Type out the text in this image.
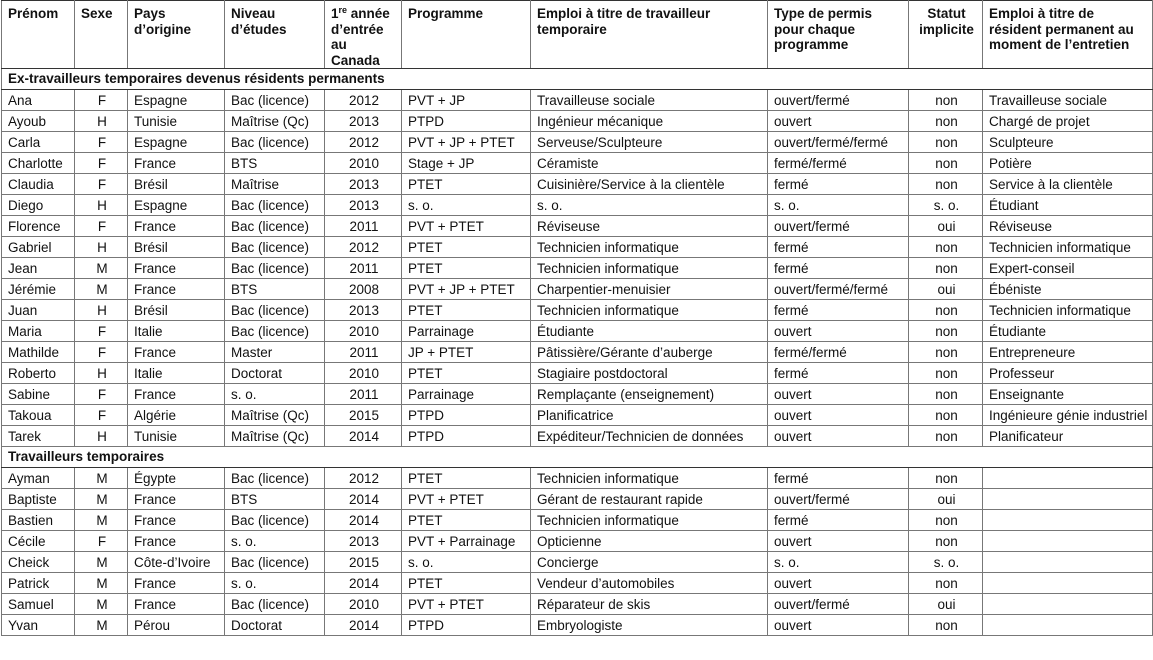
Prénom	Sexe	Pays d’origine	Niveau d’études	1re année d’entrée au Canada	Programme	Emploi à titre de travailleur temporaire	Type de permis pour chaque programme	Statut implicite	Emploi à titre de résident permanent au moment de l’entretien
Ex-travailleurs temporaires devenus résidents permanents									
Ana	F	Espagne	Bac (licence)	2012	PVT + JP	Travailleuse sociale	ouvert/fermé	non	Travailleuse sociale
Ayoub	H	Tunisie	Maîtrise (Qc)	2013	PTPD	Ingénieur mécanique	ouvert	non	Chargé de projet
Carla	F	Espagne	Bac (licence)	2012	PVT + JP + PTET	Serveuse/Sculpteure	ouvert/fermé/fermé	non	Sculpteure
Charlotte	F	France	BTS	2010	Stage + JP	Céramiste	fermé/fermé	non	Potière
Claudia	F	Brésil	Maîtrise	2013	PTET	Cuisinière/Service à la clientèle	fermé	non	Service à la clientèle
Diego	H	Espagne	Bac (licence)	2013	s. o.	s. o.	s. o.	s. o.	Étudiant
Florence	F	France	Bac (licence)	2011	PVT + PTET	Réviseuse	ouvert/fermé	oui	Réviseuse
Gabriel	H	Brésil	Bac (licence)	2012	PTET	Technicien informatique	fermé	non	Technicien informatique
Jean	M	France	Bac (licence)	2011	PTET	Technicien informatique	fermé	non	Expert-conseil
Jérémie	M	France	BTS	2008	PVT + JP + PTET	Charpentier-menuisier	ouvert/fermé/fermé	oui	Ébéniste
Juan	H	Brésil	Bac (licence)	2013	PTET	Technicien informatique	fermé	non	Technicien informatique
Maria	F	Italie	Bac (licence)	2010	Parrainage	Étudiante	ouvert	non	Étudiante
Mathilde	F	France	Master	2011	JP + PTET	Pâtissière/Gérante d’auberge	fermé/fermé	non	Entrepreneure
Roberto	H	Italie	Doctorat	2010	PTET	Stagiaire postdoctoral	fermé	non	Professeur
Sabine	F	France	s. o.	2011	Parrainage	Remplaçante (enseignement)	ouvert	non	Enseignante
Takoua	F	Algérie	Maîtrise (Qc)	2015	PTPD	Planificatrice	ouvert	non	Ingénieure génie industriel
Tarek	H	Tunisie	Maîtrise (Qc)	2014	PTPD	Expéditeur/Technicien de données	ouvert	non	Planificateur
Travailleurs temporaires									
Ayman	M	Égypte	Bac (licence)	2012	PTET	Technicien informatique	fermé	non	
Baptiste	M	France	BTS	2014	PVT + PTET	Gérant de restaurant rapide	ouvert/fermé	oui	
Bastien	M	France	Bac (licence)	2014	PTET	Technicien informatique	fermé	non	
Cécile	F	France	s. o.	2013	PVT + Parrainage	Opticienne	ouvert	non	
Cheick	M	Côte-d’Ivoire	Bac (licence)	2015	s. o.	Concierge	s. o.	s. o.	
Patrick	M	France	s. o.	2014	PTET	Vendeur d’automobiles	ouvert	non	
Samuel	M	France	Bac (licence)	2010	PVT + PTET	Réparateur de skis	ouvert/fermé	oui	
Yvan	M	Pérou	Doctorat	2014	PTPD	Embryologiste	ouvert	non	
